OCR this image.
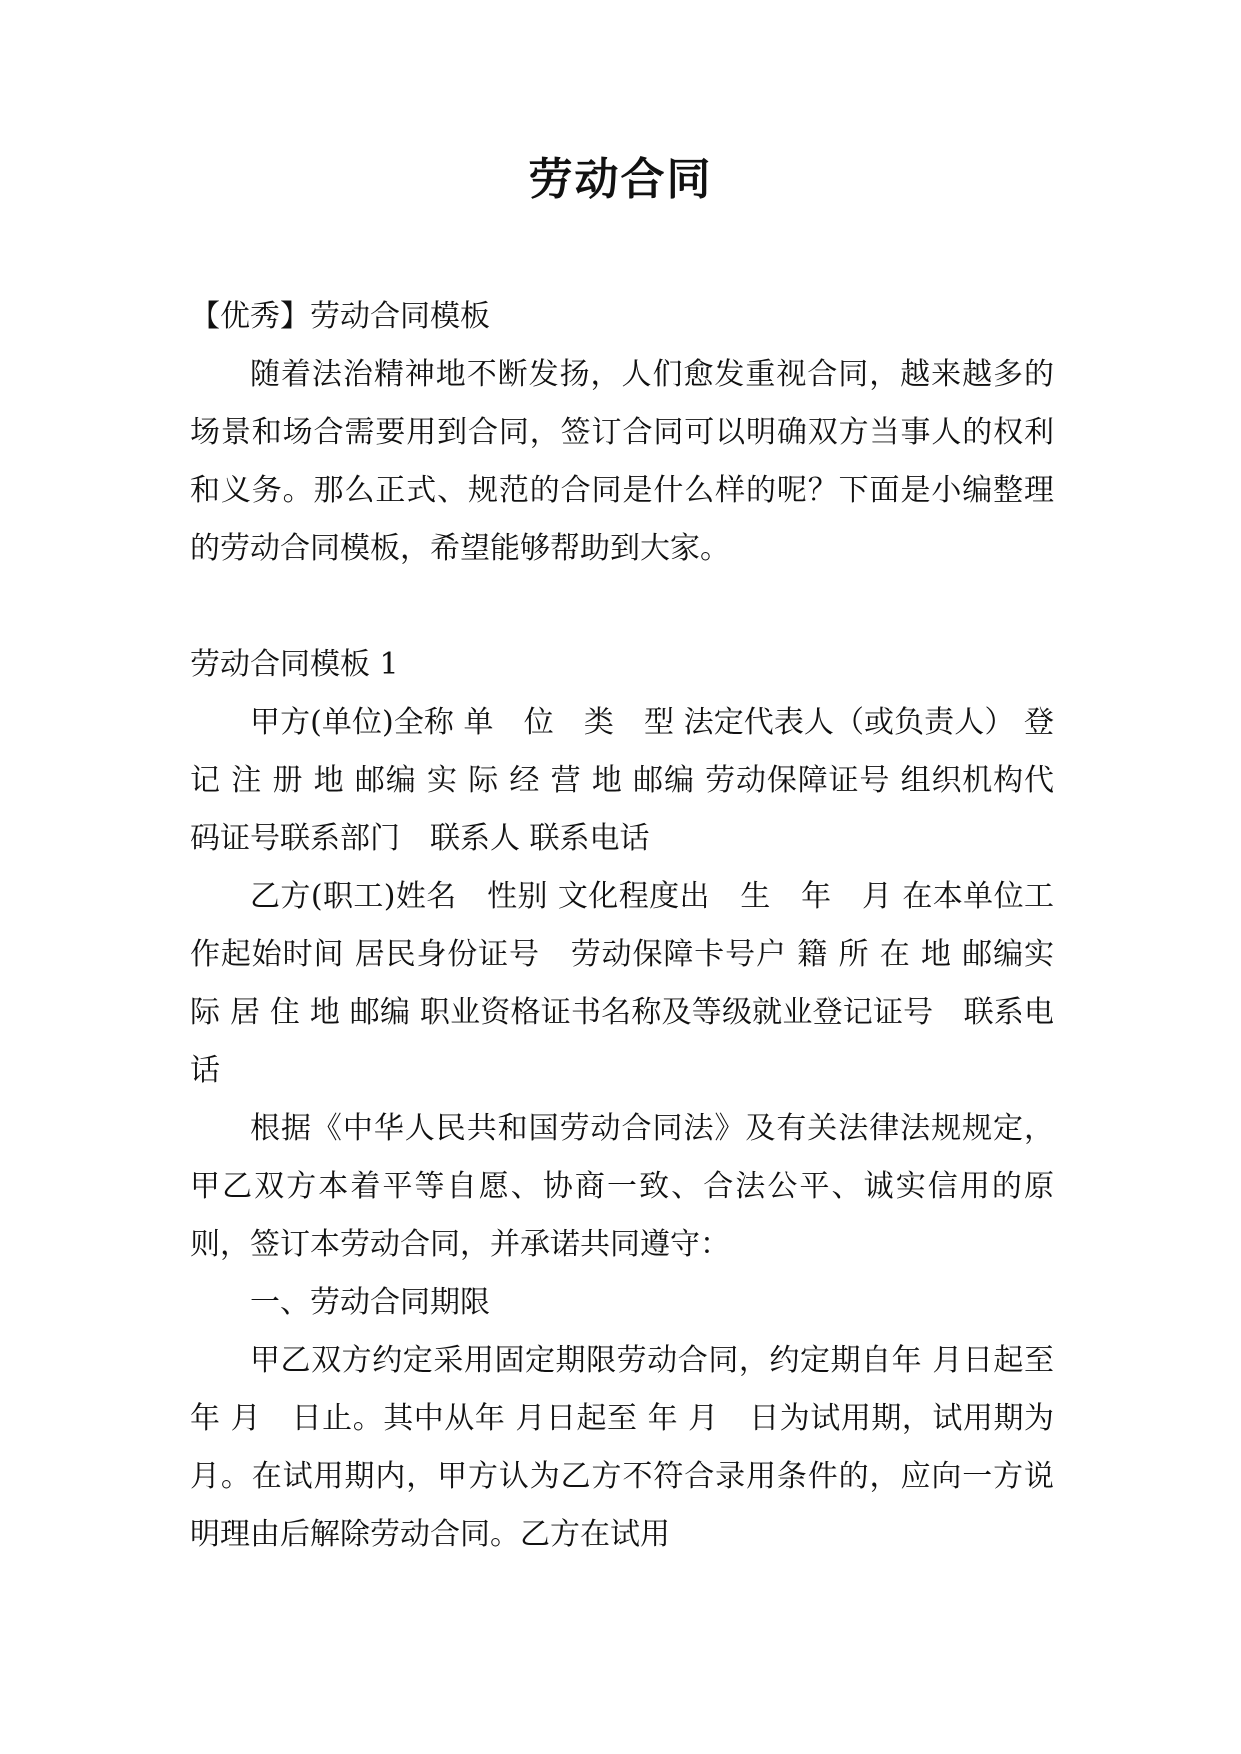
劳动合同

【优秀】劳动合同模板

随着法治精神地不断发扬，人们愈发重视合同，越来越多的场景和场合需要用到合同，签订合同可以明确双方当事人的权利和义务。那么正式、规范的合同是什么样的呢？下面是小编整理的劳动合同模板，希望能够帮助到大家。

劳动合同模板 1

甲方(单位)全称 单　位　类　型 法定代表人（或负责人） 登 记 注 册 地 邮编 实 际 经 营 地 邮编 劳动保障证号 组织机构代码证号联系部门　联系人 联系电话

乙方(职工)姓名　性别 文化程度出　生　年　月 在本单位工作起始时间 居民身份证号　劳动保障卡号户 籍 所 在 地 邮编实 际 居 住 地 邮编 职业资格证书名称及等级就业登记证号　联系电话

根据《中华人民共和国劳动合同法》及有关法律法规规定，甲乙双方本着平等自愿、协商一致、合法公平、诚实信用的原则，签订本劳动合同，并承诺共同遵守：

一、劳动合同期限

甲乙双方约定采用固定期限劳动合同，约定期自年 月日起至 年 月　日止。其中从年 月日起至 年 月　日为试用期，试用期为 月。在试用期内，甲方认为乙方不符合录用条件的，应向一方说明理由后解除劳动合同。乙方在试用
